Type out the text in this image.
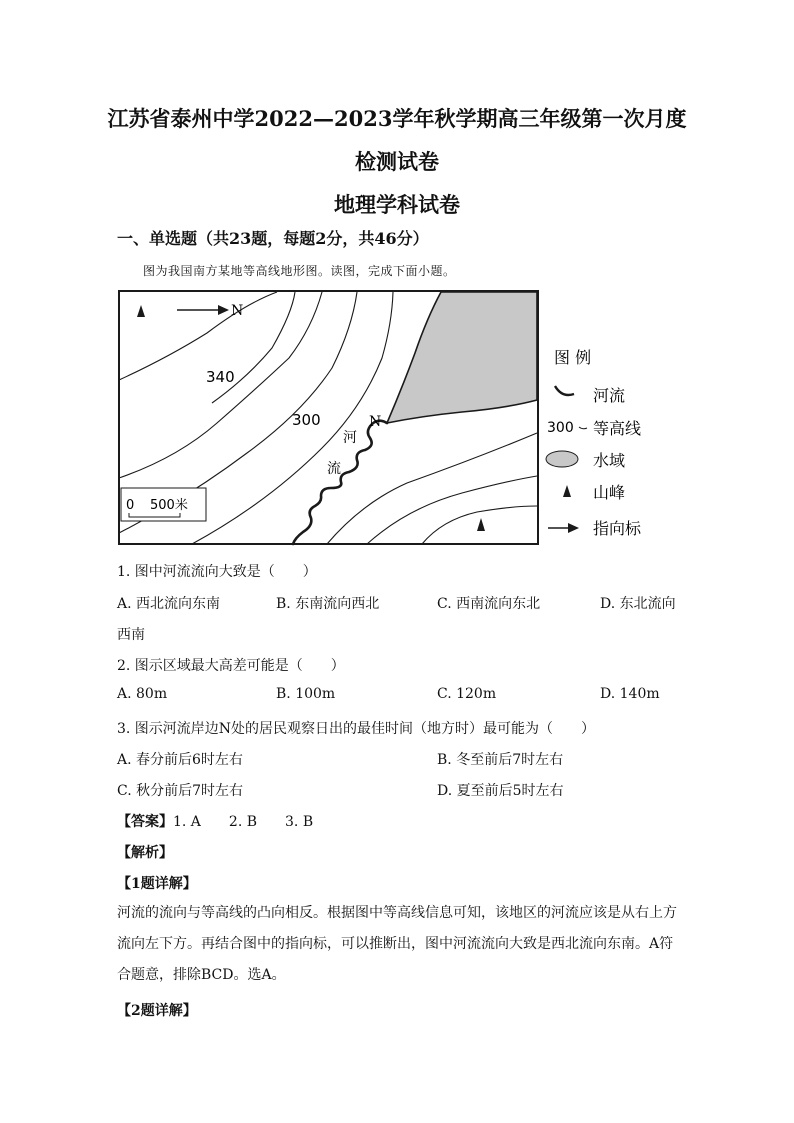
江苏省泰州中学2022—2023学年秋学期高三年级第一次月度
检测试卷
地理学科试卷
一、单选题（共23题，每题2分，共46分）
图为我国南方某地等高线地形图。读图，完成下面小题。
N
340
300
河
流
N
0 500米
图 例
河流
300 等高线
水域
山峰
指向标
1. 图中河流流向大致是（　　）
A. 西北流向东南	B. 东南流向西北	C. 西南流向东北	D. 东北流向
西南
2. 图示区域最大高差可能是（　　）
A. 80m	B. 100m	C. 120m	D. 140m
3. 图示河流岸边N处的居民观察日出的最佳时间（地方时）最可能为（　　）
A. 春分前后6时左右	B. 冬至前后7时左右
C. 秋分前后7时左右	D. 夏至前后5时左右
【答案】1. A　　2. B　　3. B
【解析】
【1题详解】
河流的流向与等高线的凸向相反。根据图中等高线信息可知，该地区的河流应该是从右上方流向左下方。再结合图中的指向标，可以推断出，图中河流流向大致是西北流向东南。A符合题意，排除BCD。选A。
【2题详解】
